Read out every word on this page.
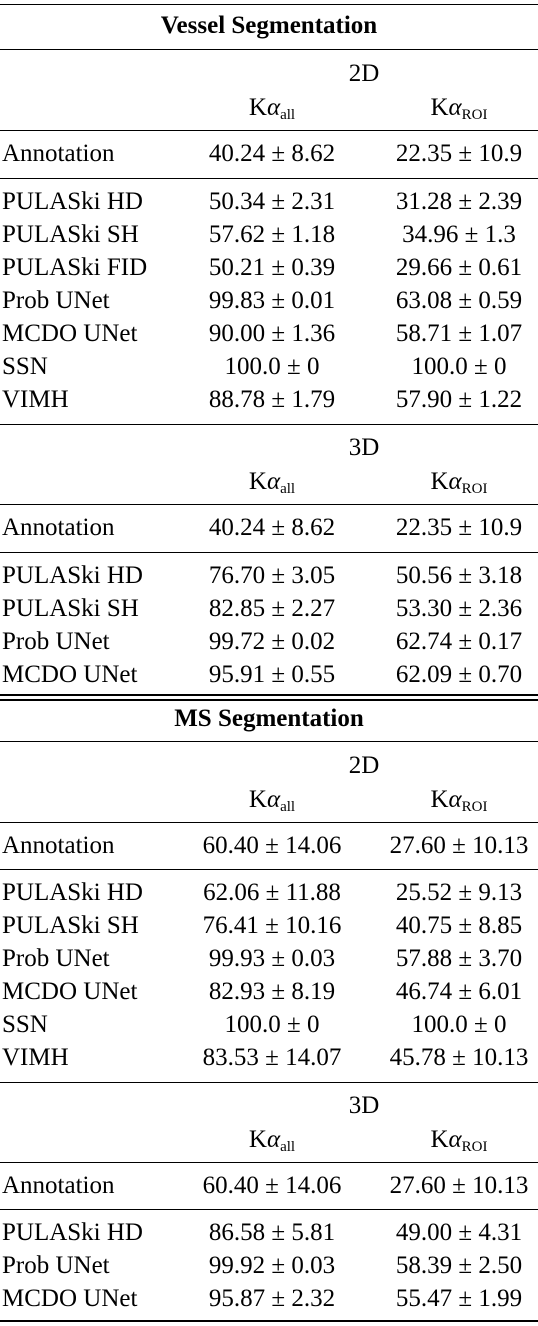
Vessel Segmentation
2D
$K\alpha_{all}$	$K\alpha_{ROI}$
Annotation	40.24 ± 8.62	22.35 ± 10.9
PULASki HD	50.34 ± 2.31	31.28 ± 2.39
PULASki SH	57.62 ± 1.18	34.96 ± 1.3
PULASki FID	50.21 ± 0.39	29.66 ± 0.61
Prob UNet	99.83 ± 0.01	63.08 ± 0.59
MCDO UNet	90.00 ± 1.36	58.71 ± 1.07
SSN	100.0 ± 0	100.0 ± 0
VIMH	88.78 ± 1.79	57.90 ± 1.22
3D
$K\alpha_{all}$	$K\alpha_{ROI}$
Annotation	40.24 ± 8.62	22.35 ± 10.9
PULASki HD	76.70 ± 3.05	50.56 ± 3.18
PULASki SH	82.85 ± 2.27	53.30 ± 2.36
Prob UNet	99.72 ± 0.02	62.74 ± 0.17
MCDO UNet	95.91 ± 0.55	62.09 ± 0.70
MS Segmentation
2D
$K\alpha_{all}$	$K\alpha_{ROI}$
Annotation	60.40 ± 14.06	27.60 ± 10.13
PULASki HD	62.06 ± 11.88	25.52 ± 9.13
PULASki SH	76.41 ± 10.16	40.75 ± 8.85
Prob UNet	99.93 ± 0.03	57.88 ± 3.70
MCDO UNet	82.93 ± 8.19	46.74 ± 6.01
SSN	100.0 ± 0	100.0 ± 0
VIMH	83.53 ± 14.07	45.78 ± 10.13
3D
$K\alpha_{all}$	$K\alpha_{ROI}$
Annotation	60.40 ± 14.06	27.60 ± 10.13
PULASki HD	86.58 ± 5.81	49.00 ± 4.31
Prob UNet	99.92 ± 0.03	58.39 ± 2.50
MCDO UNet	95.87 ± 2.32	55.47 ± 1.99
